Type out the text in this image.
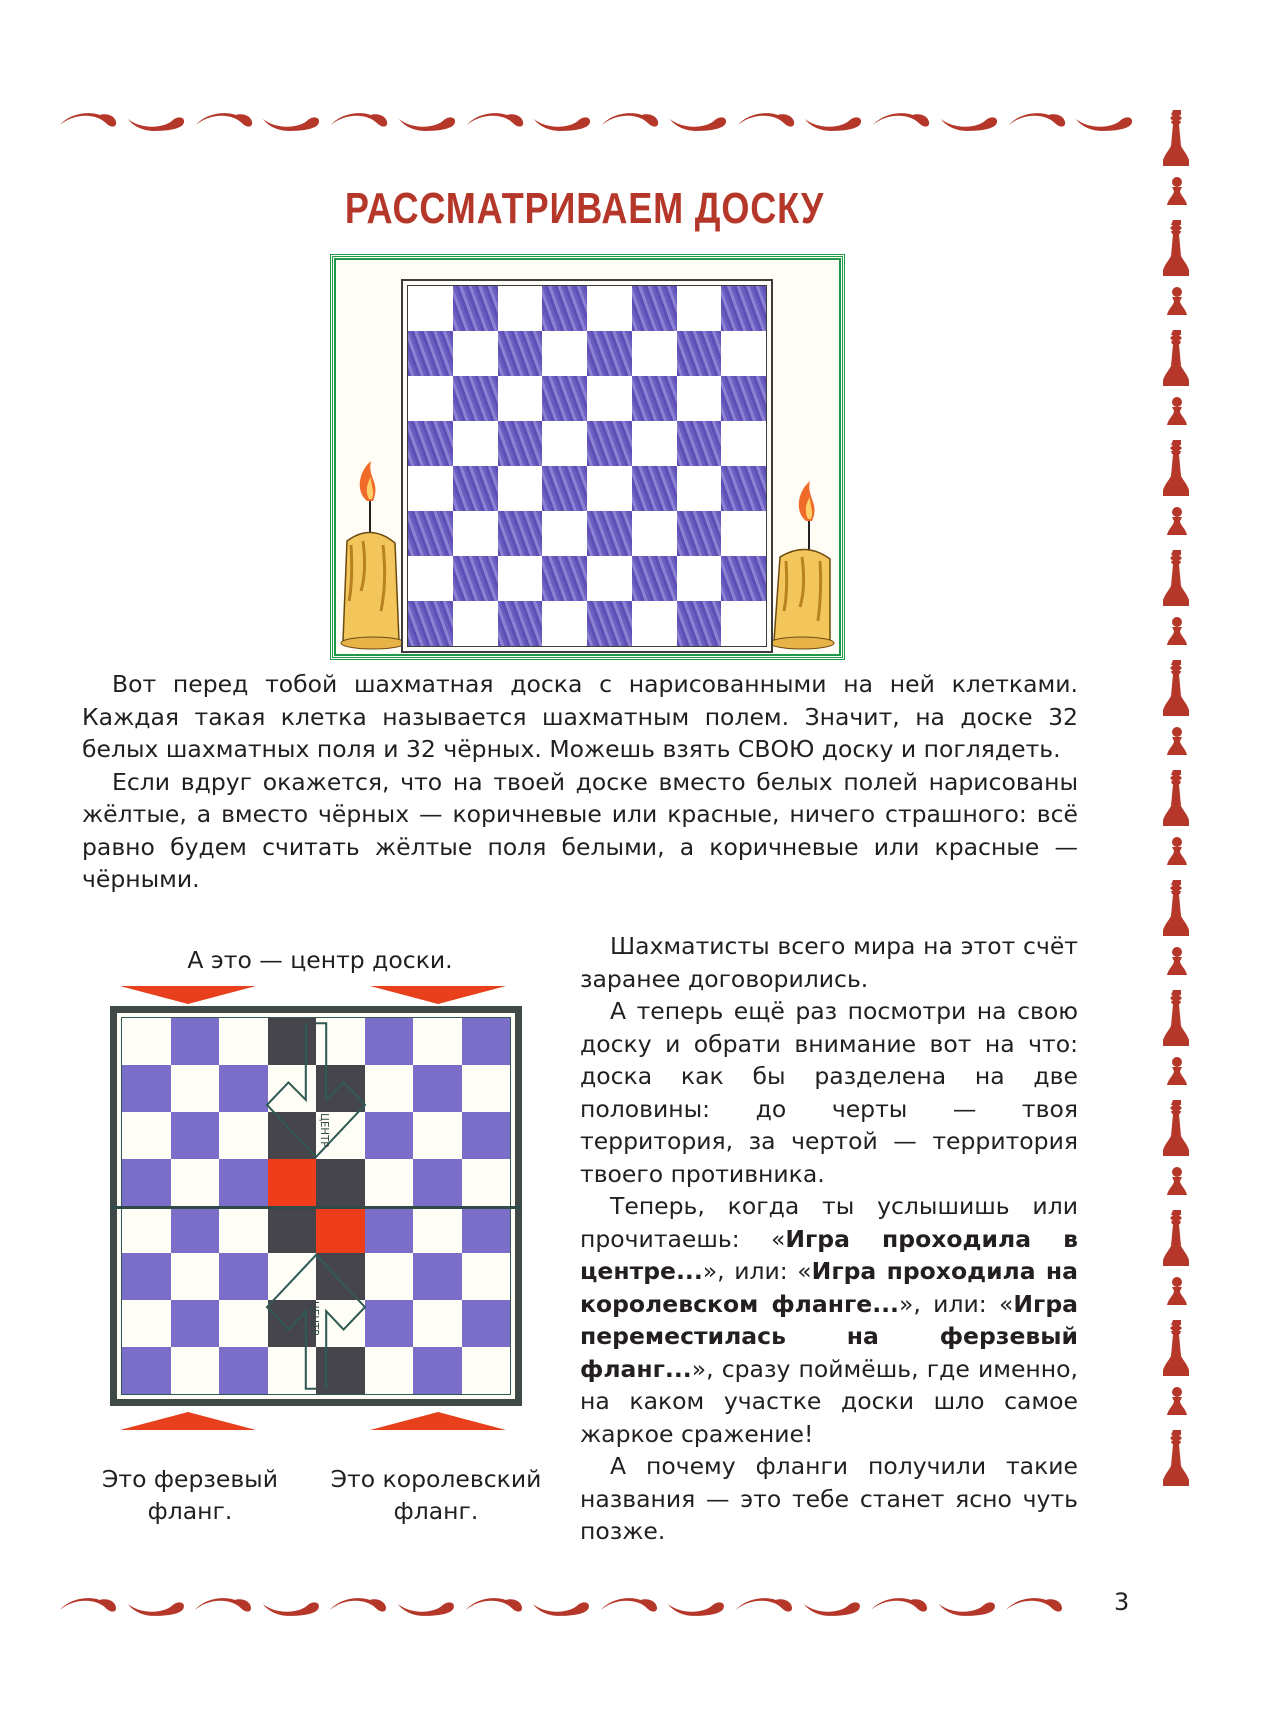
РАССМАТРИВАЕМ ДОСКУ

Вот перед тобой шахматная доска с нарисованными на ней клетками. Каждая такая клетка называется шахматным полем. Значит, на доске 32 белых шахматных поля и 32 чёрных. Можешь взять СВОЮ доску и поглядеть.

Если вдруг окажется, что на твоей доске вместо белых полей нарисованы жёлтые, а вместо чёрных — коричневые или красные, ничего страшного: всё равно будем считать жёлтые поля белыми, а коричневые или красные — чёрными.

А это — центр доски.
ЦЕНТР
ЦЕНТР
Это ферзевый
фланг.
Это королевский
фланг.

Шахматисты всего мира на этот счёт заранее договорились.

А теперь ещё раз посмотри на свою доску и обрати внимание вот на что: доска как бы разделена на две половины: до черты — твоя территория, за чертой — территория твоего противника.

Теперь, когда ты услышишь или прочитаешь: «Игра проходила в центре...», или: «Игра проходила на королевском фланге...», или: «Игра переместилась на ферзевый фланг...», сразу поймёшь, где именно, на каком участке доски шло самое жаркое сражение!

А почему фланги получили такие названия — это тебе станет ясно чуть позже.

3
